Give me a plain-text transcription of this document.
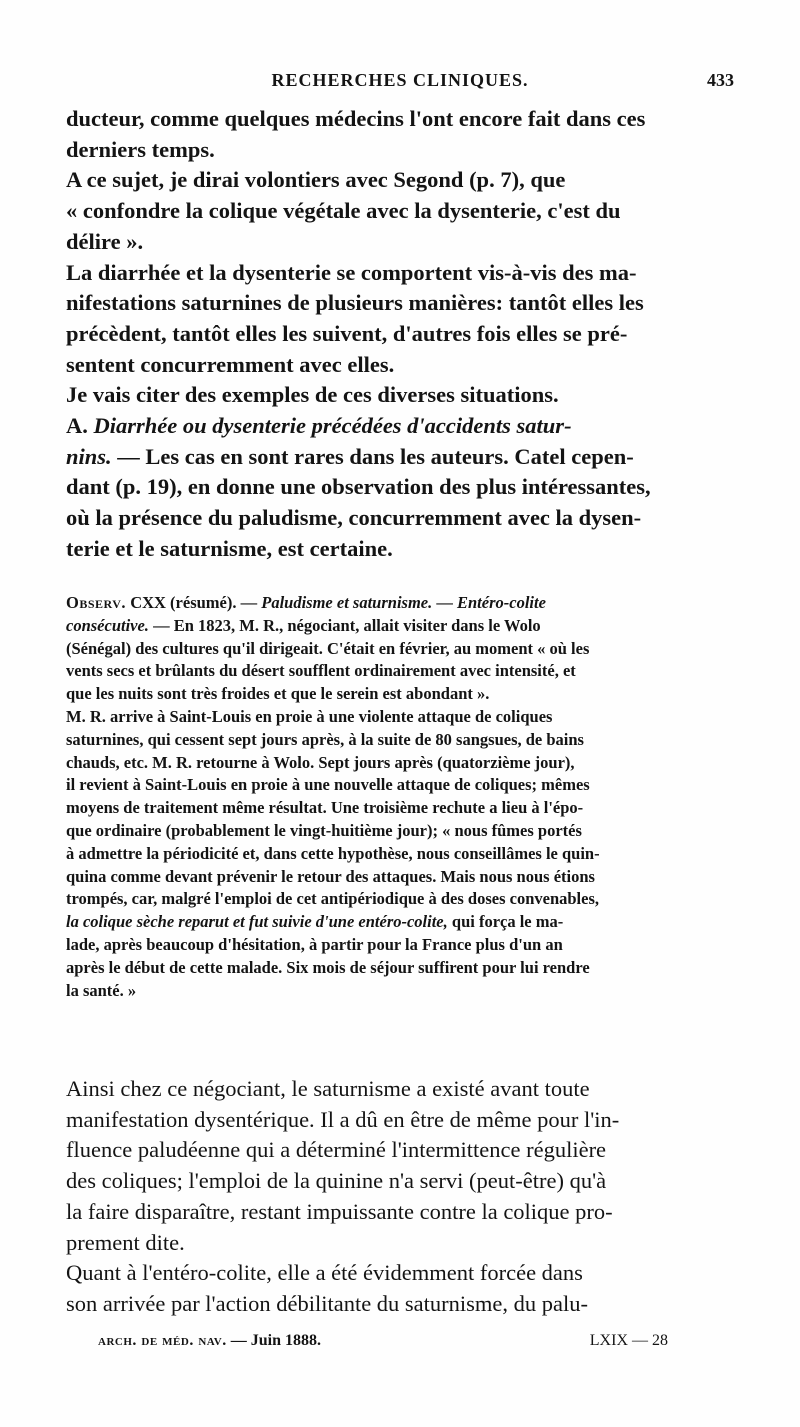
RECHERCHES CLINIQUES.	433

ducteur, comme quelques médecins l'ont encore fait dans ces
derniers temps.

A ce sujet, je dirai volontiers avec Segond (p. 7), que
« confondre la colique végétale avec la dysenterie, c'est du
délire ».

La diarrhée et la dysenterie se comportent vis-à-vis des ma-
nifestations saturnines de plusieurs manières: tantôt elles les
précèdent, tantôt elles les suivent, d'autres fois elles se pré-
sentent concurremment avec elles.

Je vais citer des exemples de ces diverses situations.

A. Diarrhée ou dysenterie précédées d'accidents satur-
nins. — Les cas en sont rares dans les auteurs. Catel cepen-
dant (p. 19), en donne une observation des plus intéressantes,
où la présence du paludisme, concurremment avec la dysen-
terie et le saturnisme, est certaine.

Observ. CXX (résumé). — Paludisme et saturnisme. — Entéro-colite
consécutive. — En 1823, M. R., négociant, allait visiter dans le Wolo
(Sénégal) des cultures qu'il dirigeait. C'était en février, au moment « où les
vents secs et brûlants du désert soufflent ordinairement avec intensité, et
que les nuits sont très froides et que le serein est abondant ».

M. R. arrive à Saint-Louis en proie à une violente attaque de coliques
saturnines, qui cessent sept jours après, à la suite de 80 sangsues, de bains
chauds, etc. M. R. retourne à Wolo. Sept jours après (quatorzième jour),
il revient à Saint-Louis en proie à une nouvelle attaque de coliques; mêmes
moyens de traitement même résultat. Une troisième rechute a lieu à l'épo-
que ordinaire (probablement le vingt-huitième jour); « nous fûmes portés
à admettre la périodicité et, dans cette hypothèse, nous conseillâmes le quin-
quina comme devant prévenir le retour des attaques. Mais nous nous étions
trompés, car, malgré l'emploi de cet antipériodique à des doses convenables,
la colique sèche reparut et fut suivie d'une entéro-colite, qui força le ma-
lade, après beaucoup d'hésitation, à partir pour la France plus d'un an
après le début de cette malade. Six mois de séjour suffirent pour lui rendre
la santé. »

Ainsi chez ce négociant, le saturnisme a existé avant toute
manifestation dysentérique. Il a dû en être de même pour l'in-
fluence paludéenne qui a déterminé l'intermittence régulière
des coliques; l'emploi de la quinine n'a servi (peut-être) qu'à
la faire disparaître, restant impuissante contre la colique pro-
prement dite.

Quant à l'entéro-colite, elle a été évidemment forcée dans
son arrivée par l'action débilitante du saturnisme, du palu-

arch. de méd. nav. — Juin 1888.	LXIX — 28
